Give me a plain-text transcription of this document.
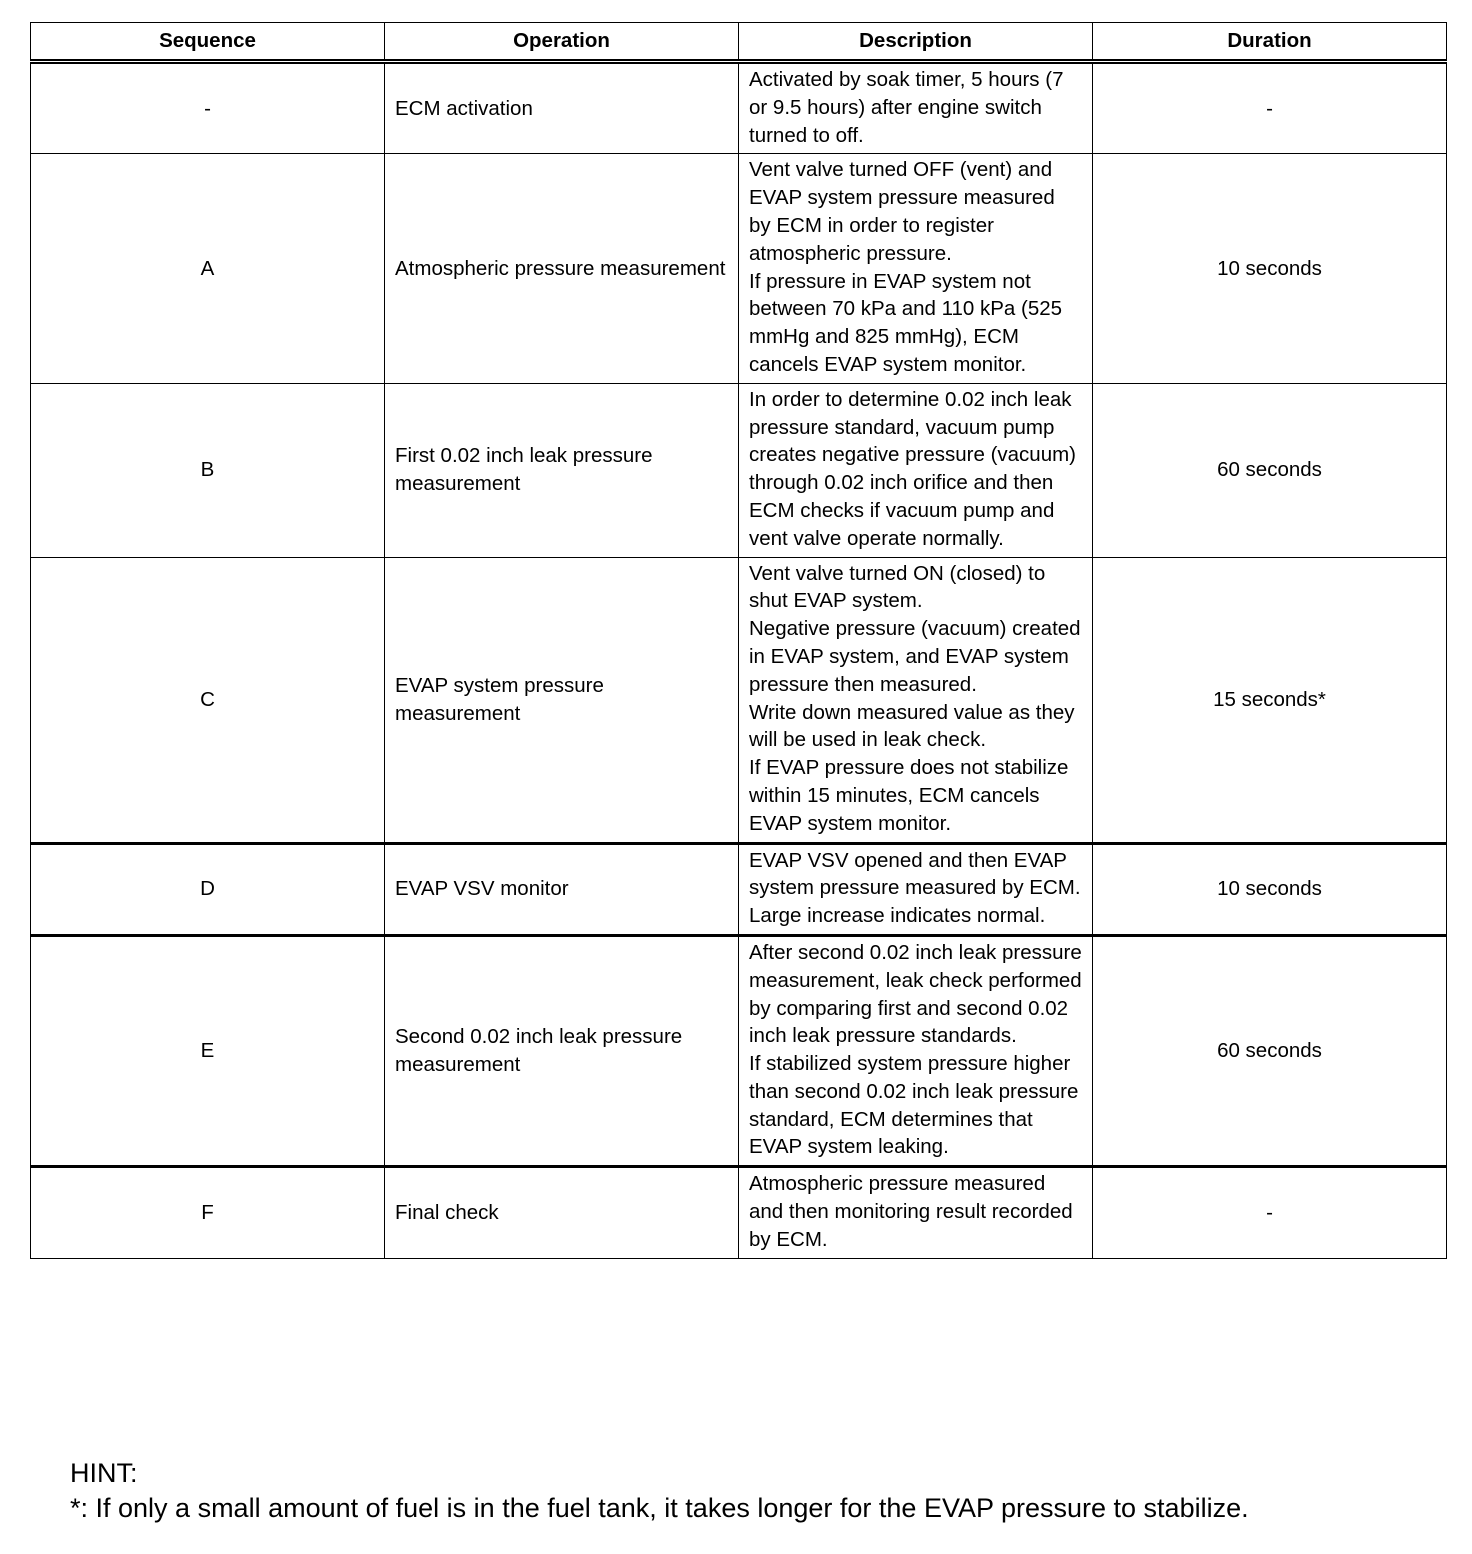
Sequence	Operation	Description	Duration
-	ECM activation	Activated by soak timer, 5 hours (7 or 9.5 hours) after engine switch turned to off.	-
A	Atmospheric pressure measurement	Vent valve turned OFF (vent) and EVAP system pressure measured by ECM in order to register atmospheric pressure.

If pressure in EVAP system not between 70 kPa and 110 kPa (525 mmHg and 825 mmHg), ECM cancels EVAP system monitor.	10 seconds
B	First 0.02 inch leak pressure measurement	In order to determine 0.02 inch leak pressure standard, vacuum pump creates negative pressure (vacuum) through 0.02 inch orifice and then ECM checks if vacuum pump and vent valve operate normally.	60 seconds
C	EVAP system pressure measurement	Vent valve turned ON (closed) to shut EVAP system.

Negative pressure (vacuum) created in EVAP system, and EVAP system pressure then measured.

Write down measured value as they will be used in leak check.

If EVAP pressure does not stabilize within 15 minutes, ECM cancels EVAP system monitor.	15 seconds*
D	EVAP VSV monitor	EVAP VSV opened and then EVAP system pressure measured by ECM.

Large increase indicates normal.	10 seconds
E	Second 0.02 inch leak pressure measurement	After second 0.02 inch leak pressure measurement, leak check performed by comparing first and second 0.02 inch leak pressure standards.

If stabilized system pressure higher than second 0.02 inch leak pressure standard, ECM determines that EVAP system leaking.	60 seconds
F	Final check	Atmospheric pressure measured and then monitoring result recorded by ECM.	-
HINT:
*: If only a small amount of fuel is in the fuel tank, it takes longer for the EVAP pressure to stabilize.
